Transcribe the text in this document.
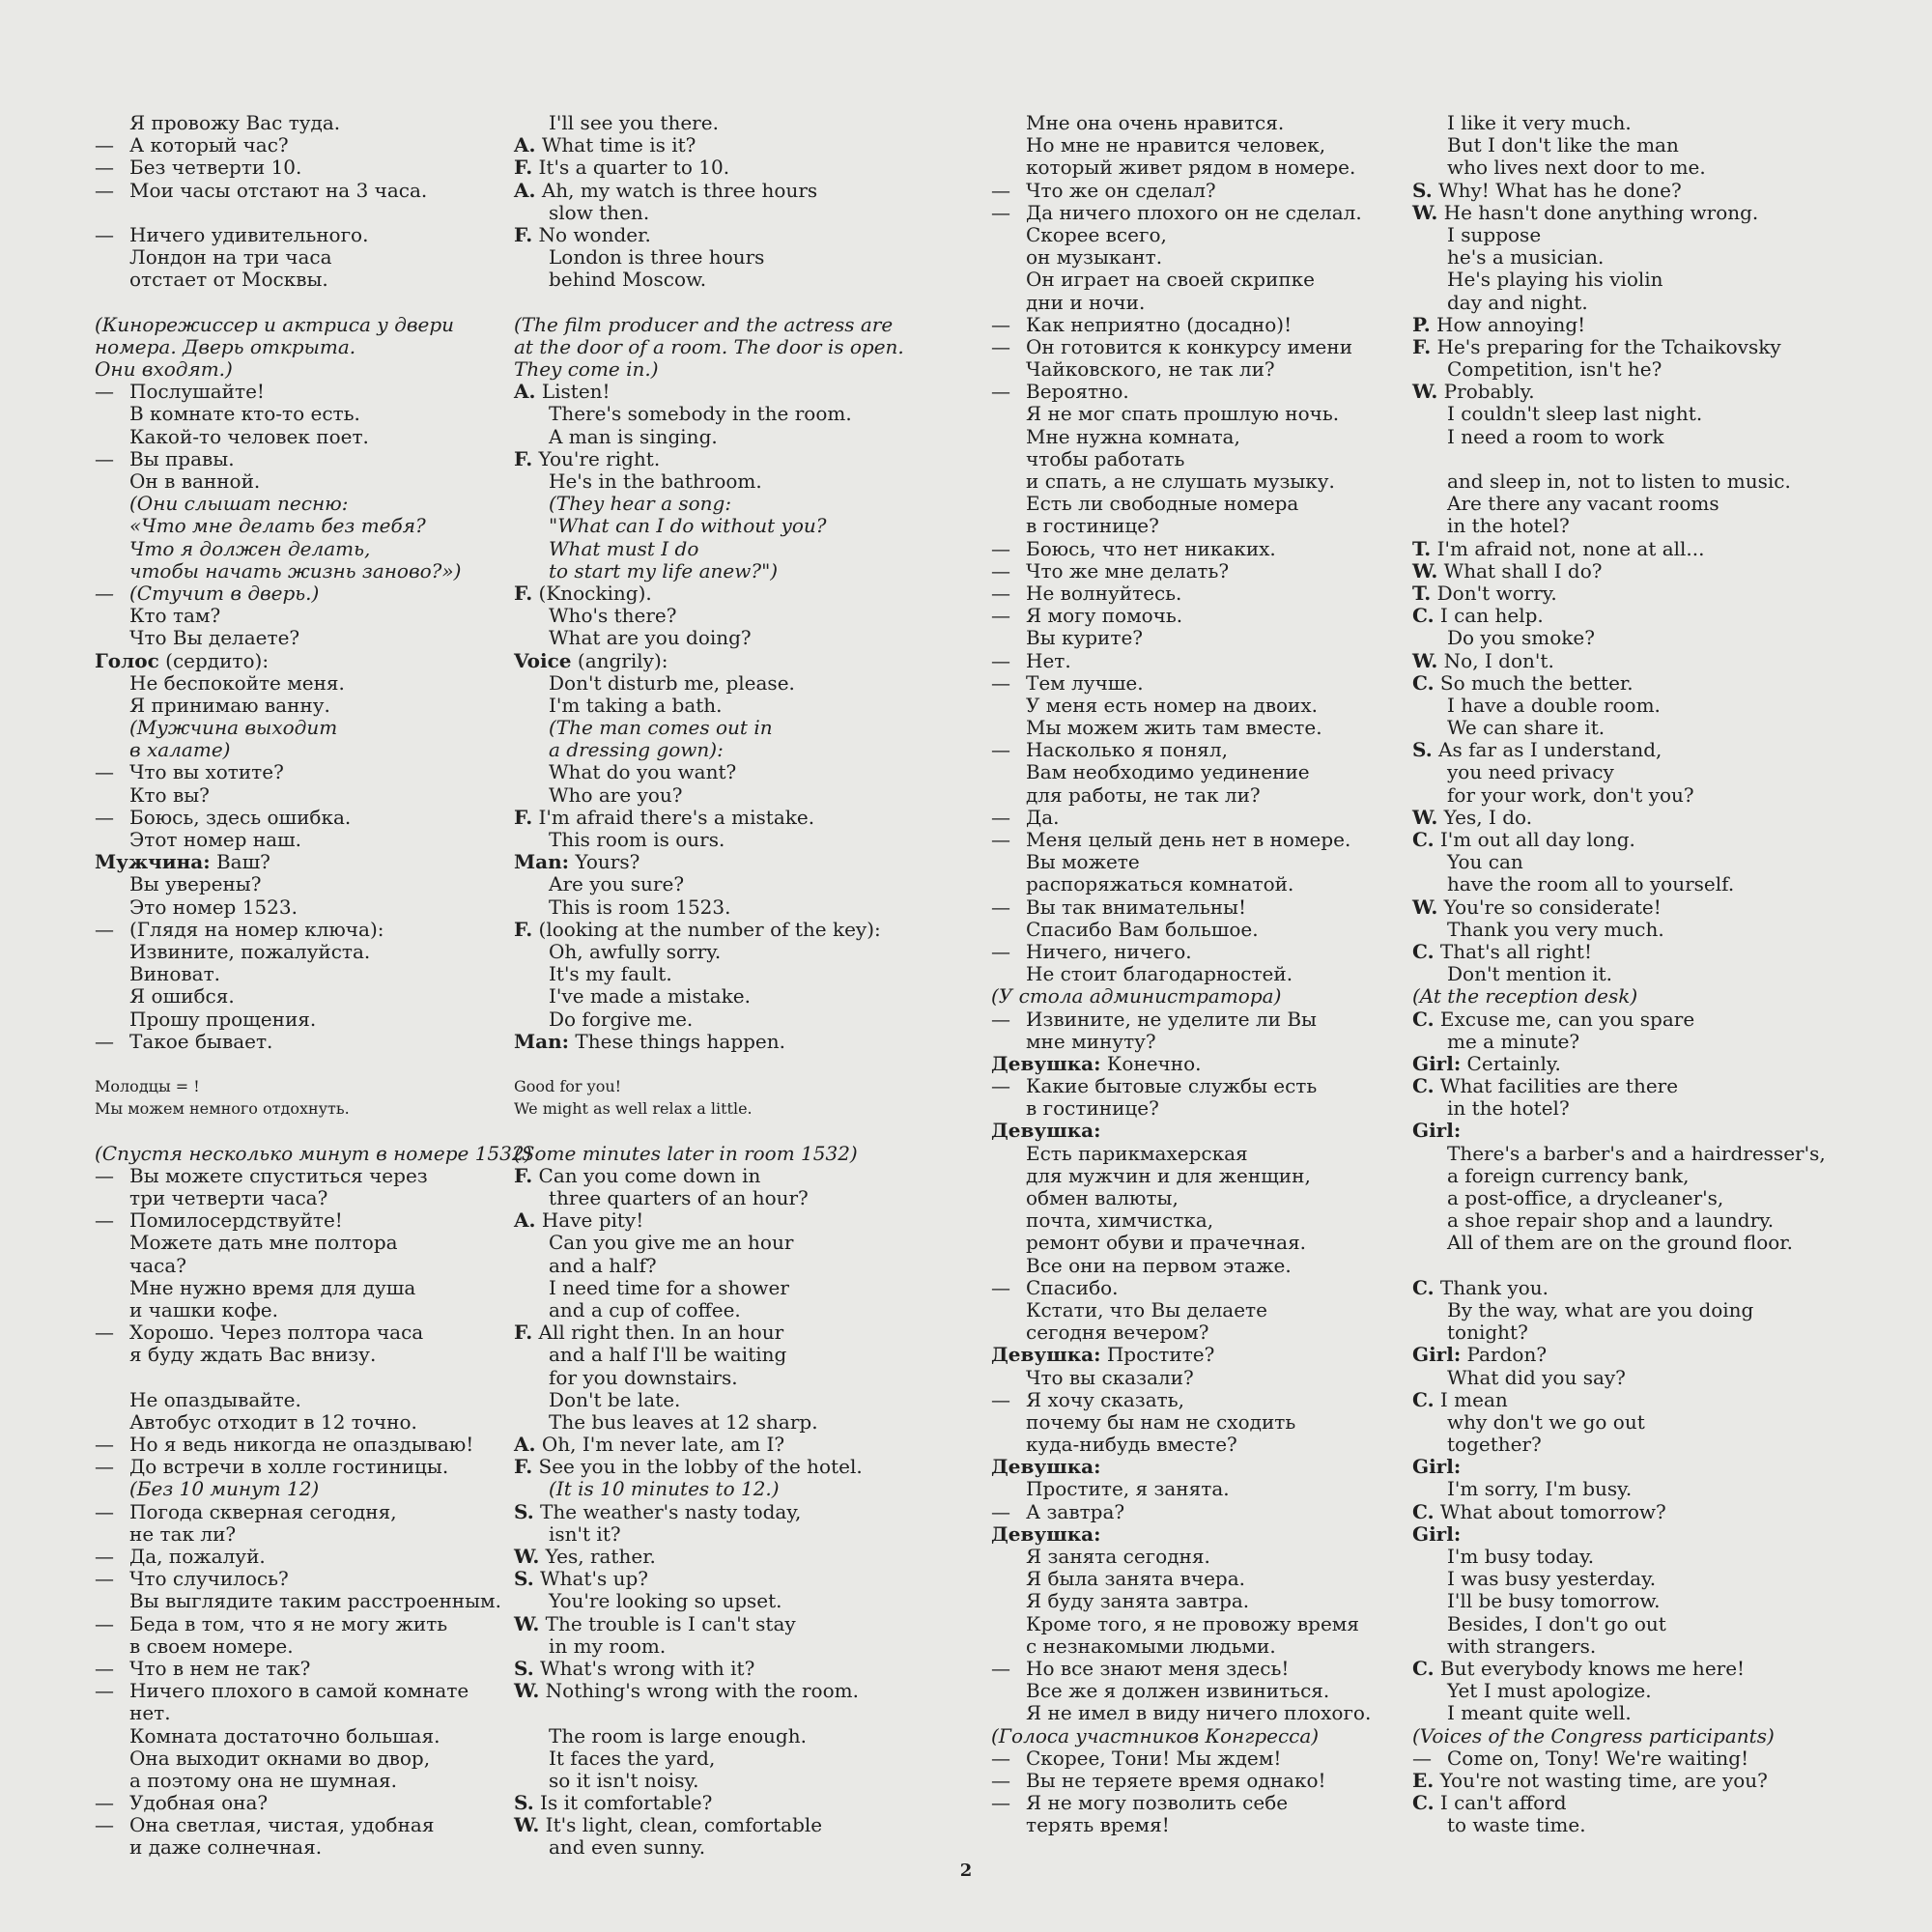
Я провожу Вас туда.
— А который час?
— Без четверти 10.
— Мои часы отстают на 3 часа.
— Ничего удивительного.
Лондон на три часа
отстает от Москвы.
(Кинорежиссер и актриса у двери
номера. Дверь открыта.
Они входят.)
— Послушайте!
В комнате кто-то есть.
Какой-то человек поет.
— Вы правы.
Он в ванной.
(Они слышат песню:
«Что мне делать без тебя?
Что я должен делать,
чтобы начать жизнь заново?»)
— (Стучит в дверь.)
Кто там?
Что Вы делаете?
Голос (сердито):
Не беспокойте меня.
Я принимаю ванну.
(Мужчина выходит
в халате)
— Что вы хотите?
Кто вы?
— Боюсь, здесь ошибка.
Этот номер наш.
Мужчина: Ваш?
Вы уверены?
Это номер 1523.
— (Глядя на номер ключа):
Извините, пожалуйста.
Виноват.
Я ошибся.
Прошу прощения.
— Такое бывает.
Молодцы = !
Мы можем немного отдохнуть.
(Спустя несколько минут в номере 1532)
— Вы можете спуститься через
три четверти часа?
— Помилосердствуйте!
Можете дать мне полтора
часа?
Мне нужно время для душа
и чашки кофе.
— Хорошо. Через полтора часа
я буду ждать Вас внизу.
Не опаздывайте.
Автобус отходит в 12 точно.
— Но я ведь никогда не опаздываю!
— До встречи в холле гостиницы.
(Без 10 минут 12)
— Погода скверная сегодня,
не так ли?
— Да, пожалуй.
— Что случилось?
Вы выглядите таким расстроенным.
— Беда в том, что я не могу жить
в своем номере.
— Что в нем не так?
— Ничего плохого в самой комнате
нет.
Комната достаточно большая.
Она выходит окнами во двор,
а поэтому она не шумная.
— Удобная она?
— Она светлая, чистая, удобная
и даже солнечная.
I'll see you there.
A. What time is it?
F. It's a quarter to 10.
A. Ah, my watch is three hours
slow then.
F. No wonder.
London is three hours
behind Moscow.
(The film producer and the actress are
at the door of a room. The door is open.
They come in.)
A. Listen!
There's somebody in the room.
A man is singing.
F. You're right.
He's in the bathroom.
(They hear a song:
"What can I do without you?
What must I do
to start my life anew?")
F. (Knocking).
Who's there?
What are you doing?
Voice (angrily):
Don't disturb me, please.
I'm taking a bath.
(The man comes out in
a dressing gown):
What do you want?
Who are you?
F. I'm afraid there's a mistake.
This room is ours.
Man: Yours?
Are you sure?
This is room 1523.
F. (looking at the number of the key):
Oh, awfully sorry.
It's my fault.
I've made a mistake.
Do forgive me.
Man: These things happen.
Good for you!
We might as well relax a little.
(Some minutes later in room 1532)
F. Can you come down in
three quarters of an hour?
A. Have pity!
Can you give me an hour
and a half?
I need time for a shower
and a cup of coffee.
F. All right then. In an hour
and a half I'll be waiting
for you downstairs.
Don't be late.
The bus leaves at 12 sharp.
A. Oh, I'm never late, am I?
F. See you in the lobby of the hotel.
(It is 10 minutes to 12.)
S. The weather's nasty today,
isn't it?
W. Yes, rather.
S. What's up?
You're looking so upset.
W. The trouble is I can't stay
in my room.
S. What's wrong with it?
W. Nothing's wrong with the room.
The room is large enough.
It faces the yard,
so it isn't noisy.
S. Is it comfortable?
W. It's light, clean, comfortable
and even sunny.
Мне она очень нравится.
Но мне не нравится человек,
который живет рядом в номере.
— Что же он сделал?
— Да ничего плохого он не сделал.
Скорее всего,
он музыкант.
Он играет на своей скрипке
дни и ночи.
— Как неприятно (досадно)!
— Он готовится к конкурсу имени
Чайковского, не так ли?
— Вероятно.
Я не мог спать прошлую ночь.
Мне нужна комната,
чтобы работать
и спать, а не слушать музыку.
Есть ли свободные номера
в гостинице?
— Боюсь, что нет никаких.
— Что же мне делать?
— Не волнуйтесь.
— Я могу помочь.
Вы курите?
— Нет.
— Тем лучше.
У меня есть номер на двоих.
Мы можем жить там вместе.
— Насколько я понял,
Вам необходимо уединение
для работы, не так ли?
— Да.
— Меня целый день нет в номере.
Вы можете
распоряжаться комнатой.
— Вы так внимательны!
Спасибо Вам большое.
— Ничего, ничего.
Не стоит благодарностей.
(У стола администратора)
— Извините, не уделите ли Вы
мне минуту?
Девушка: Конечно.
— Какие бытовые службы есть
в гостинице?
Девушка:
Есть парикмахерская
для мужчин и для женщин,
обмен валюты,
почта, химчистка,
ремонт обуви и прачечная.
Все они на первом этаже.
— Спасибо.
Кстати, что Вы делаете
сегодня вечером?
Девушка: Простите?
Что вы сказали?
— Я хочу сказать,
почему бы нам не сходить
куда-нибудь вместе?
Девушка:
Простите, я занята.
— А завтра?
Девушка:
Я занята сегодня.
Я была занята вчера.
Я буду занята завтра.
Кроме того, я не провожу время
с незнакомыми людьми.
— Но все знают меня здесь!
Все же я должен извиниться.
Я не имел в виду ничего плохого.
(Голоса участников Конгресса)
— Скорее, Тони! Мы ждем!
— Вы не теряете время однако!
— Я не могу позволить себе
терять время!
I like it very much.
But I don't like the man
who lives next door to me.
S. Why! What has he done?
W. He hasn't done anything wrong.
I suppose
he's a musician.
He's playing his violin
day and night.
P. How annoying!
F. He's preparing for the Tchaikovsky
Competition, isn't he?
W. Probably.
I couldn't sleep last night.
I need a room to work
and sleep in, not to listen to music.
Are there any vacant rooms
in the hotel?
T. I'm afraid not, none at all...
W. What shall I do?
T. Don't worry.
C. I can help.
Do you smoke?
W. No, I don't.
C. So much the better.
I have a double room.
We can share it.
S. As far as I understand,
you need privacy
for your work, don't you?
W. Yes, I do.
C. I'm out all day long.
You can
have the room all to yourself.
W. You're so considerate!
Thank you very much.
C. That's all right!
Don't mention it.
(At the reception desk)
C. Excuse me, can you spare
me a minute?
Girl: Certainly.
C. What facilities are there
in the hotel?
Girl:
There's a barber's and a hairdresser's,
a foreign currency bank,
a post-office, a drycleaner's,
a shoe repair shop and a laundry.
All of them are on the ground floor.
C. Thank you.
By the way, what are you doing
tonight?
Girl: Pardon?
What did you say?
C. I mean
why don't we go out
together?
Girl:
I'm sorry, I'm busy.
C. What about tomorrow?
Girl:
I'm busy today.
I was busy yesterday.
I'll be busy tomorrow.
Besides, I don't go out
with strangers.
C. But everybody knows me here!
Yet I must apologize.
I meant quite well.
(Voices of the Congress participants)
— Come on, Tony! We're waiting!
E. You're not wasting time, are you?
C. I can't afford
to waste time.
2
